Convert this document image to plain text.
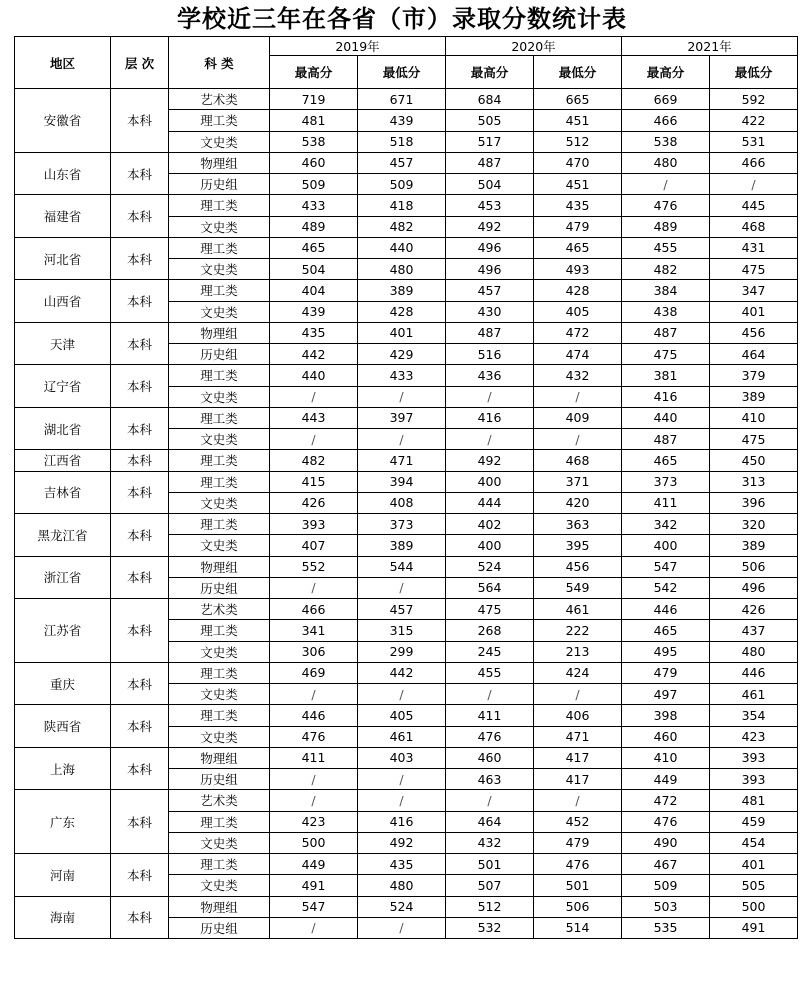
学校近三年在各省（市）录取分数统计表
地区	层 次	科 类	2019年		2020年		2021年	
			最高分	最低分	最高分	最低分	最高分	最低分
安徽省	本科	艺术类	719	671	684	665	669	592
		理工类	481	439	505	451	466	422
		文史类	538	518	517	512	538	531
山东省	本科	物理组	460	457	487	470	480	466
		历史组	509	509	504	451	/	/
福建省	本科	理工类	433	418	453	435	476	445
		文史类	489	482	492	479	489	468
河北省	本科	理工类	465	440	496	465	455	431
		文史类	504	480	496	493	482	475
山西省	本科	理工类	404	389	457	428	384	347
		文史类	439	428	430	405	438	401
天津	本科	物理组	435	401	487	472	487	456
		历史组	442	429	516	474	475	464
辽宁省	本科	理工类	440	433	436	432	381	379
		文史类	/	/	/	/	416	389
湖北省	本科	理工类	443	397	416	409	440	410
		文史类	/	/	/	/	487	475
江西省	本科	理工类	482	471	492	468	465	450
吉林省	本科	理工类	415	394	400	371	373	313
		文史类	426	408	444	420	411	396
黑龙江省	本科	理工类	393	373	402	363	342	320
		文史类	407	389	400	395	400	389
浙江省	本科	物理组	552	544	524	456	547	506
		历史组	/	/	564	549	542	496
江苏省	本科	艺术类	466	457	475	461	446	426
		理工类	341	315	268	222	465	437
		文史类	306	299	245	213	495	480
重庆	本科	理工类	469	442	455	424	479	446
		文史类	/	/	/	/	497	461
陕西省	本科	理工类	446	405	411	406	398	354
		文史类	476	461	476	471	460	423
上海	本科	物理组	411	403	460	417	410	393
		历史组	/	/	463	417	449	393
广东	本科	艺术类	/	/	/	/	472	481
		理工类	423	416	464	452	476	459
		文史类	500	492	432	479	490	454
河南	本科	理工类	449	435	501	476	467	401
		文史类	491	480	507	501	509	505
海南	本科	物理组	547	524	512	506	503	500
		历史组	/	/	532	514	535	491
